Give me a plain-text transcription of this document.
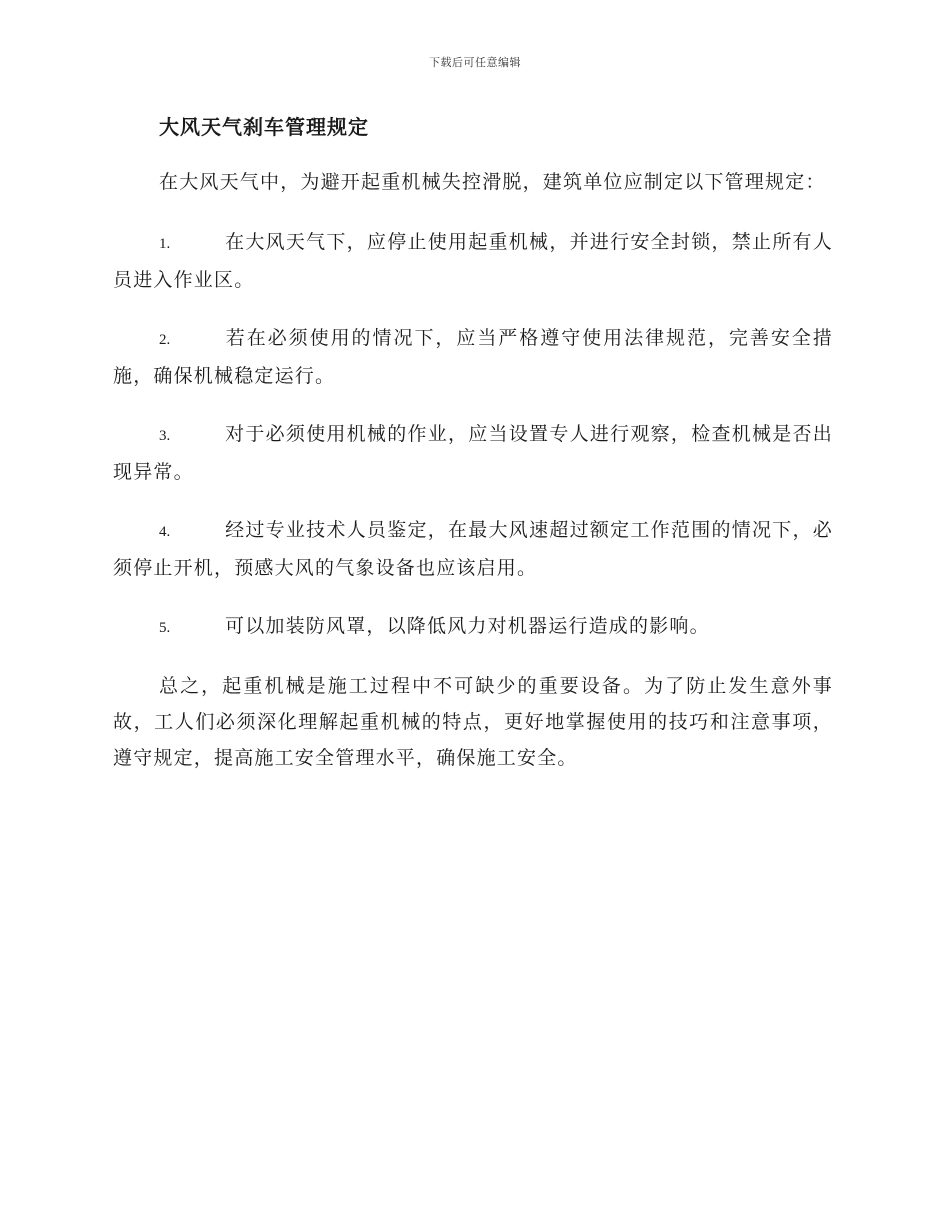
下载后可任意编辑
大风天气刹车管理规定

在大风天气中，为避开起重机械失控滑脱，建筑单位应制定以下管理规定：

1.	在大风天气下，应停止使用起重机械，并进行安全封锁，禁止所有人员进入作业区。
2.	若在必须使用的情况下，应当严格遵守使用法律规范，完善安全措施，确保机械稳定运行。
3.	对于必须使用机械的作业，应当设置专人进行观察，检查机械是否出现异常。
4.	经过专业技术人员鉴定，在最大风速超过额定工作范围的情况下，必须停止开机，预感大风的气象设备也应该启用。
5.	可以加装防风罩，以降低风力对机器运行造成的影响。

总之，起重机械是施工过程中不可缺少的重要设备。为了防止发生意外事故，工人们必须深化理解起重机械的特点，更好地掌握使用的技巧和注意事项，遵守规定，提高施工安全管理水平，确保施工安全。
